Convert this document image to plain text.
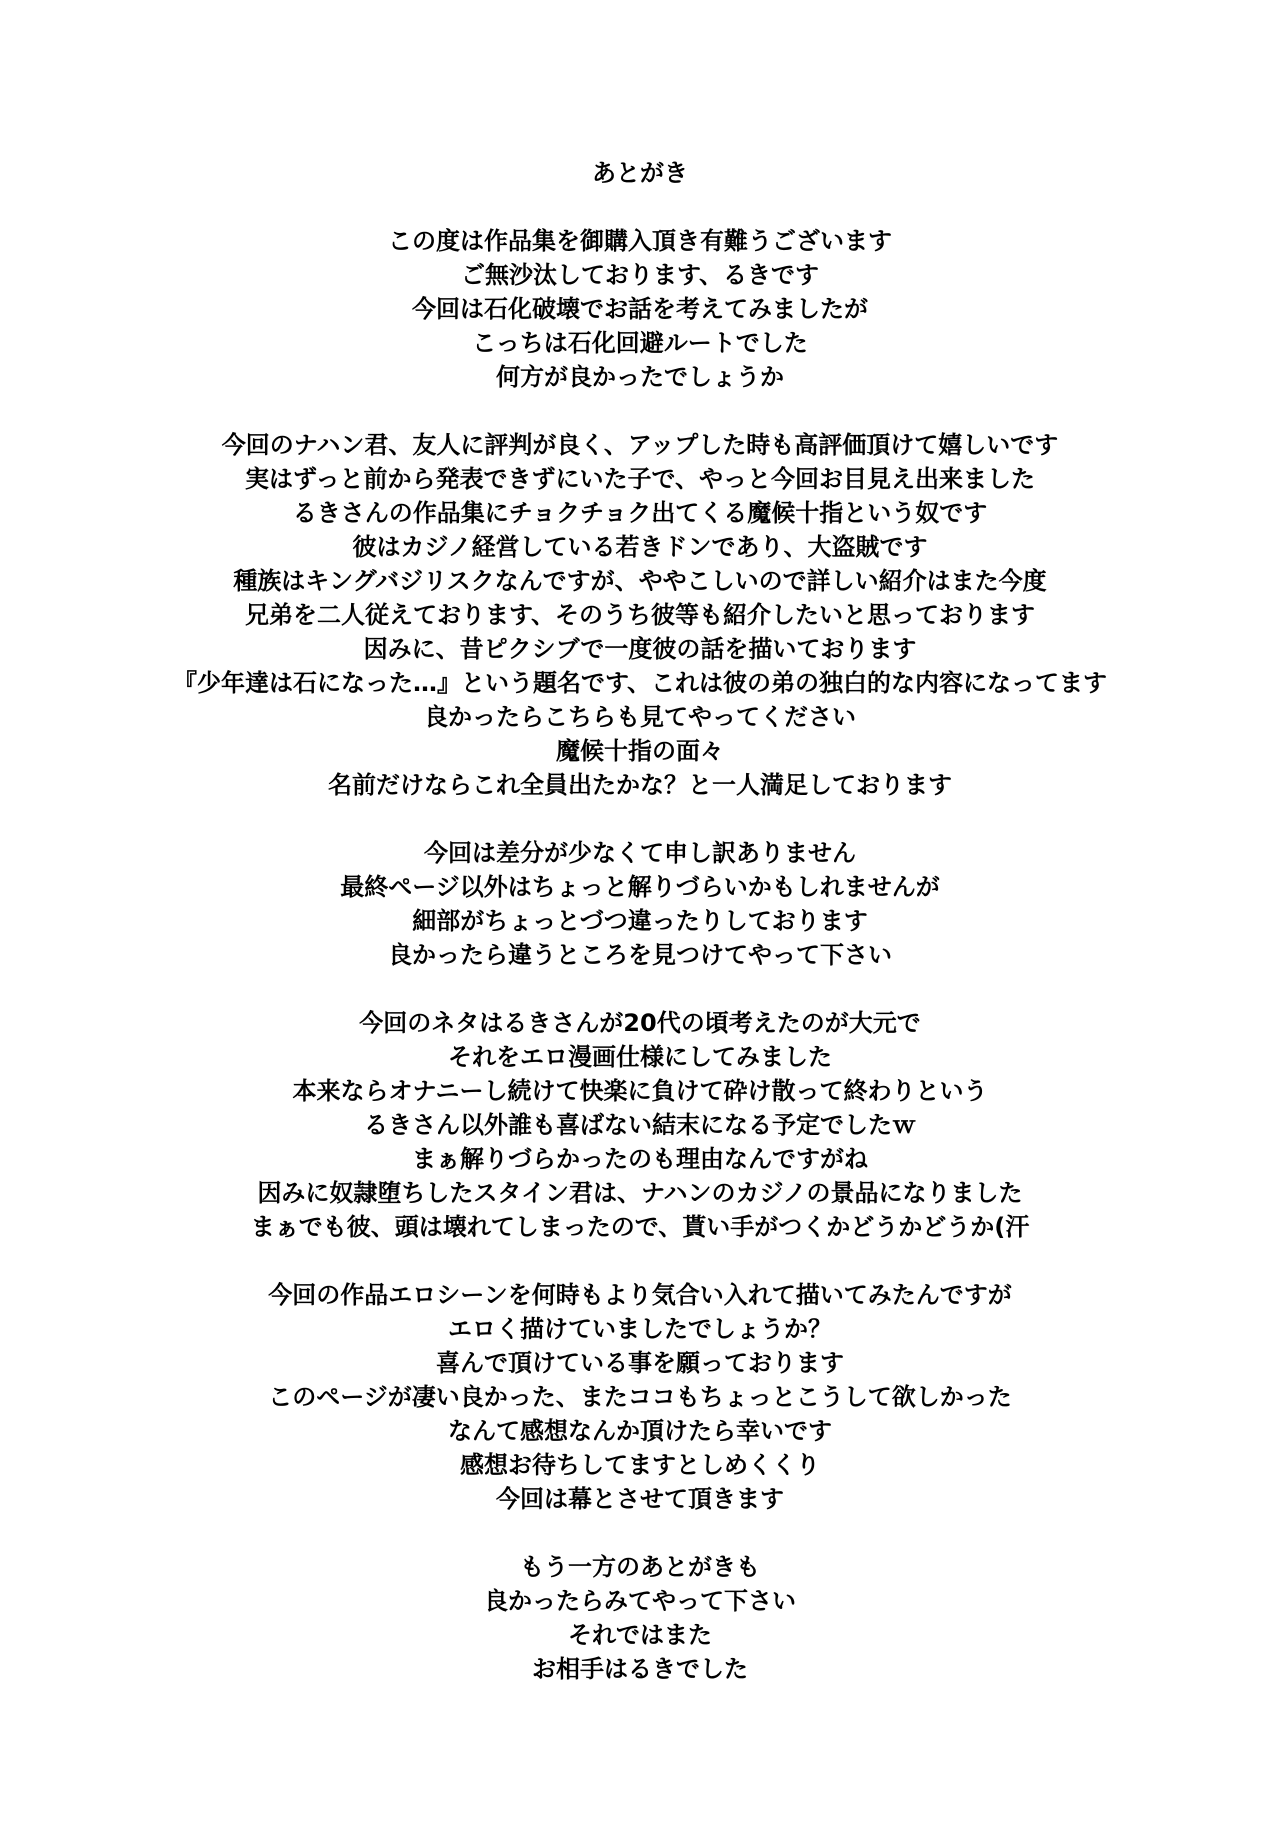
あとがき
この度は作品集を御購入頂き有難うございます
ご無沙汰しております、るきです
今回は石化破壊でお話を考えてみましたが
こっちは石化回避ルートでした
何方が良かったでしょうか
今回のナハン君、友人に評判が良く、アップした時も高評価頂けて嬉しいです
実はずっと前から発表できずにいた子で、やっと今回お目見え出来ました
るきさんの作品集にチョクチョク出てくる魔候十指という奴です
彼はカジノ経営している若きドンであり、大盗賊です
種族はキングバジリスクなんですが、ややこしいので詳しい紹介はまた今度
兄弟を二人従えております、そのうち彼等も紹介したいと思っております
因みに、昔ピクシブで一度彼の話を描いております
『少年達は石になった…』という題名です、これは彼の弟の独白的な内容になってます
良かったらこちらも見てやってください
魔候十指の面々
名前だけならこれ全員出たかな？と一人満足しております
今回は差分が少なくて申し訳ありません
最終ページ以外はちょっと解りづらいかもしれませんが
細部がちょっとづつ違ったりしております
良かったら違うところを見つけてやって下さい
今回のネタはるきさんが20代の頃考えたのが大元で
それをエロ漫画仕様にしてみました
本来ならオナニーし続けて快楽に負けて砕け散って終わりという
るきさん以外誰も喜ばない結末になる予定でしたｗ
まぁ解りづらかったのも理由なんですがね
因みに奴隷堕ちしたスタイン君は、ナハンのカジノの景品になりました
まぁでも彼、頭は壊れてしまったので、貰い手がつくかどうかどうか(汗
今回の作品エロシーンを何時もより気合い入れて描いてみたんですが
エロく描けていましたでしょうか？
喜んで頂けている事を願っております
このページが凄い良かった、またココもちょっとこうして欲しかった
なんて感想なんか頂けたら幸いです
感想お待ちしてますとしめくくり
今回は幕とさせて頂きます
もう一方のあとがきも
良かったらみてやって下さい
それではまた
お相手はるきでした
